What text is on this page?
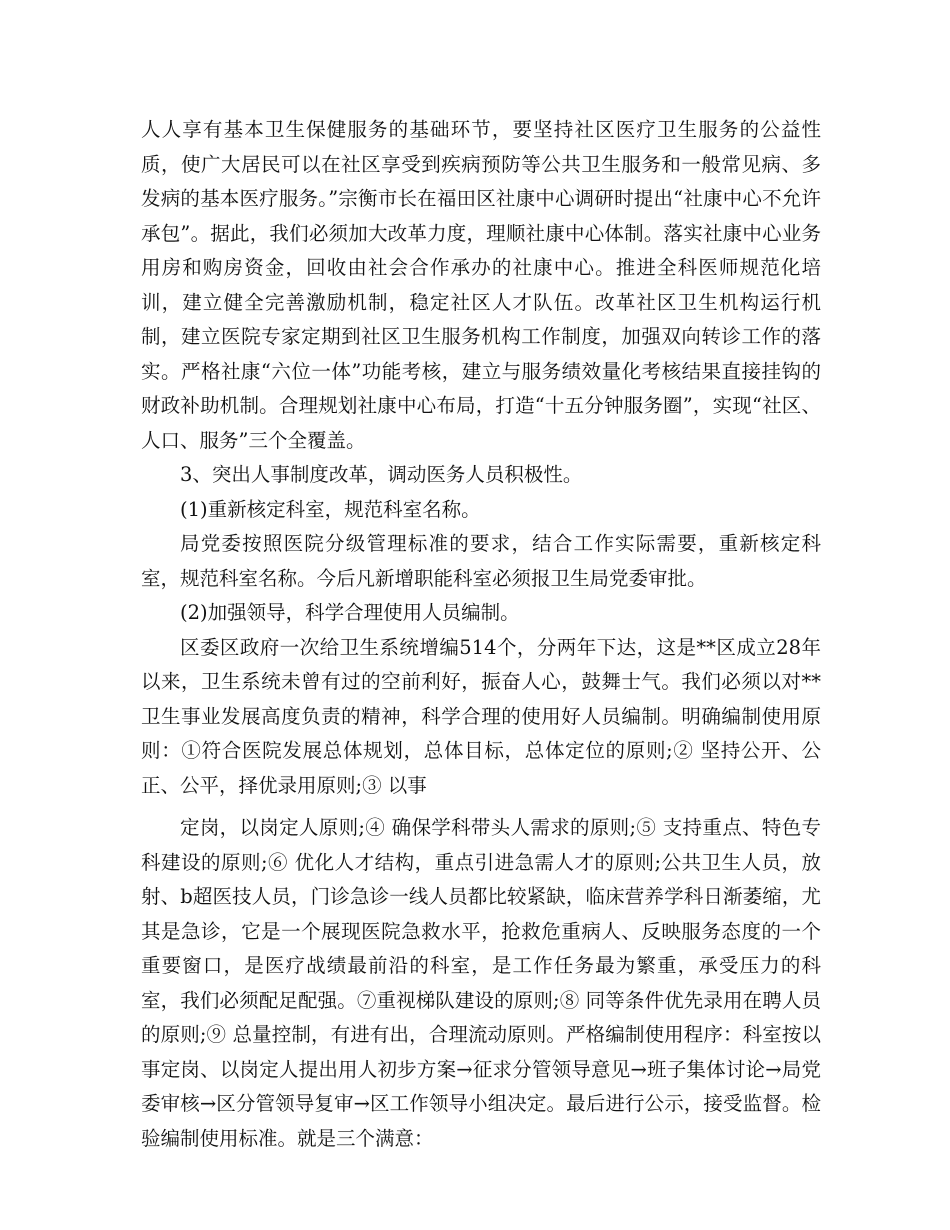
人人享有基本卫生保健服务的基础环节，要坚持社区医疗卫生服务的公益性质，使广大居民可以在社区享受到疾病预防等公共卫生服务和一般常见病、多发病的基本医疗服务。”宗衡市长在福田区社康中心调研时提出“社康中心不允许承包”。据此，我们必须加大改革力度，理顺社康中心体制。落实社康中心业务用房和购房资金，回收由社会合作承办的社康中心。推进全科医师规范化培训，建立健全完善激励机制，稳定社区人才队伍。改革社区卫生机构运行机制，建立医院专家定期到社区卫生服务机构工作制度，加强双向转诊工作的落实。严格社康“六位一体”功能考核，建立与服务绩效量化考核结果直接挂钩的财政补助机制。合理规划社康中心布局，打造“十五分钟服务圈”，实现“社区、人口、服务”三个全覆盖。

3、突出人事制度改革，调动医务人员积极性。

(1)重新核定科室，规范科室名称。

局党委按照医院分级管理标准的要求，结合工作实际需要，重新核定科室，规范科室名称。今后凡新增职能科室必须报卫生局党委审批。

(2)加强领导，科学合理使用人员编制。

区委区政府一次给卫生系统增编514个，分两年下达，这是**区成立28年以来，卫生系统未曾有过的空前利好，振奋人心，鼓舞士气。我们必须以对**卫生事业发展高度负责的精神，科学合理的使用好人员编制。明确编制使用原则：①符合医院发展总体规划，总体目标，总体定位的原则;② 坚持公开、公正、公平，择优录用原则;③ 以事

定岗，以岗定人原则;④ 确保学科带头人需求的原则;⑤ 支持重点、特色专科建设的原则;⑥ 优化人才结构，重点引进急需人才的原则;公共卫生人员，放射、b超医技人员，门诊急诊一线人员都比较紧缺，临床营养学科日渐萎缩，尤其是急诊，它是一个展现医院急救水平，抢救危重病人、反映服务态度的一个重要窗口，是医疗战绩最前沿的科室，是工作任务最为繁重，承受压力的科室，我们必须配足配强。⑦重视梯队建设的原则;⑧ 同等条件优先录用在聘人员的原则;⑨ 总量控制，有进有出，合理流动原则。严格编制使用程序：科室按以事定岗、以岗定人提出用人初步方案→征求分管领导意见→班子集体讨论→局党委审核→区分管领导复审→区工作领导小组决定。最后进行公示，接受监督。检验编制使用标准。就是三个满意：
